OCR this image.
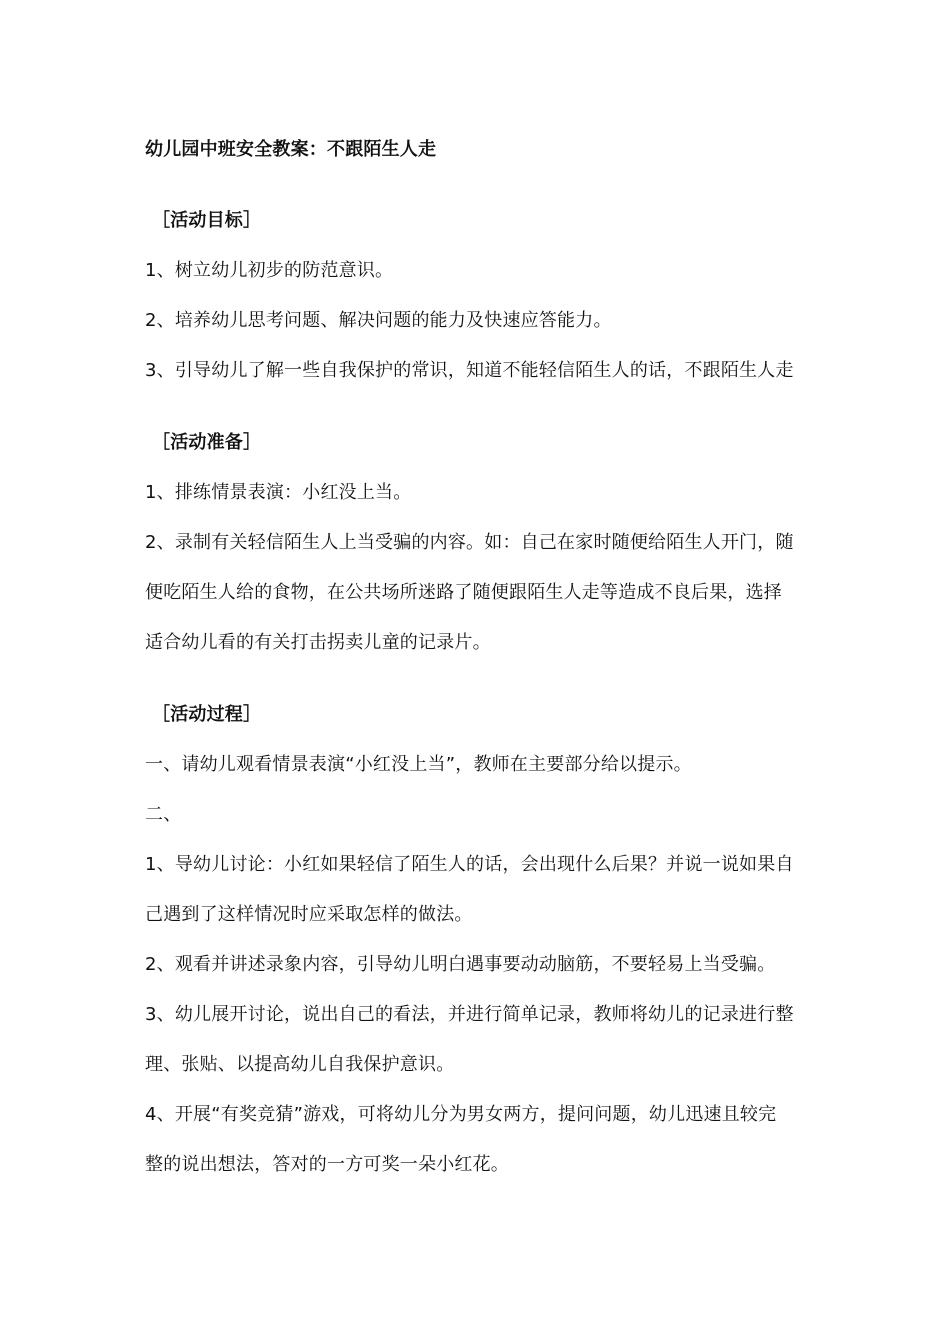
幼儿园中班安全教案：不跟陌生人走
［活动目标］
1、树立幼儿初步的防范意识。
2、培养幼儿思考问题、解决问题的能力及快速应答能力。
3、引导幼儿了解一些自我保护的常识，知道不能轻信陌生人的话，不跟陌生人走
［活动准备］
1、排练情景表演：小红没上当。
2、录制有关轻信陌生人上当受骗的内容。如：自己在家时随便给陌生人开门，随
便吃陌生人给的食物，在公共场所迷路了随便跟陌生人走等造成不良后果，选择
适合幼儿看的有关打击拐卖儿童的记录片。
［活动过程］
一、请幼儿观看情景表演“小红没上当”，教师在主要部分给以提示。
二、
1、导幼儿讨论：小红如果轻信了陌生人的话，会出现什么后果？并说一说如果自
己遇到了这样情况时应采取怎样的做法。
2、观看并讲述录象内容，引导幼儿明白遇事要动动脑筋，不要轻易上当受骗。
3、幼儿展开讨论，说出自己的看法，并进行简单记录，教师将幼儿的记录进行整
理、张贴、以提高幼儿自我保护意识。
4、开展“有奖竞猜”游戏，可将幼儿分为男女两方，提问问题，幼儿迅速且较完
整的说出想法，答对的一方可奖一朵小红花。
